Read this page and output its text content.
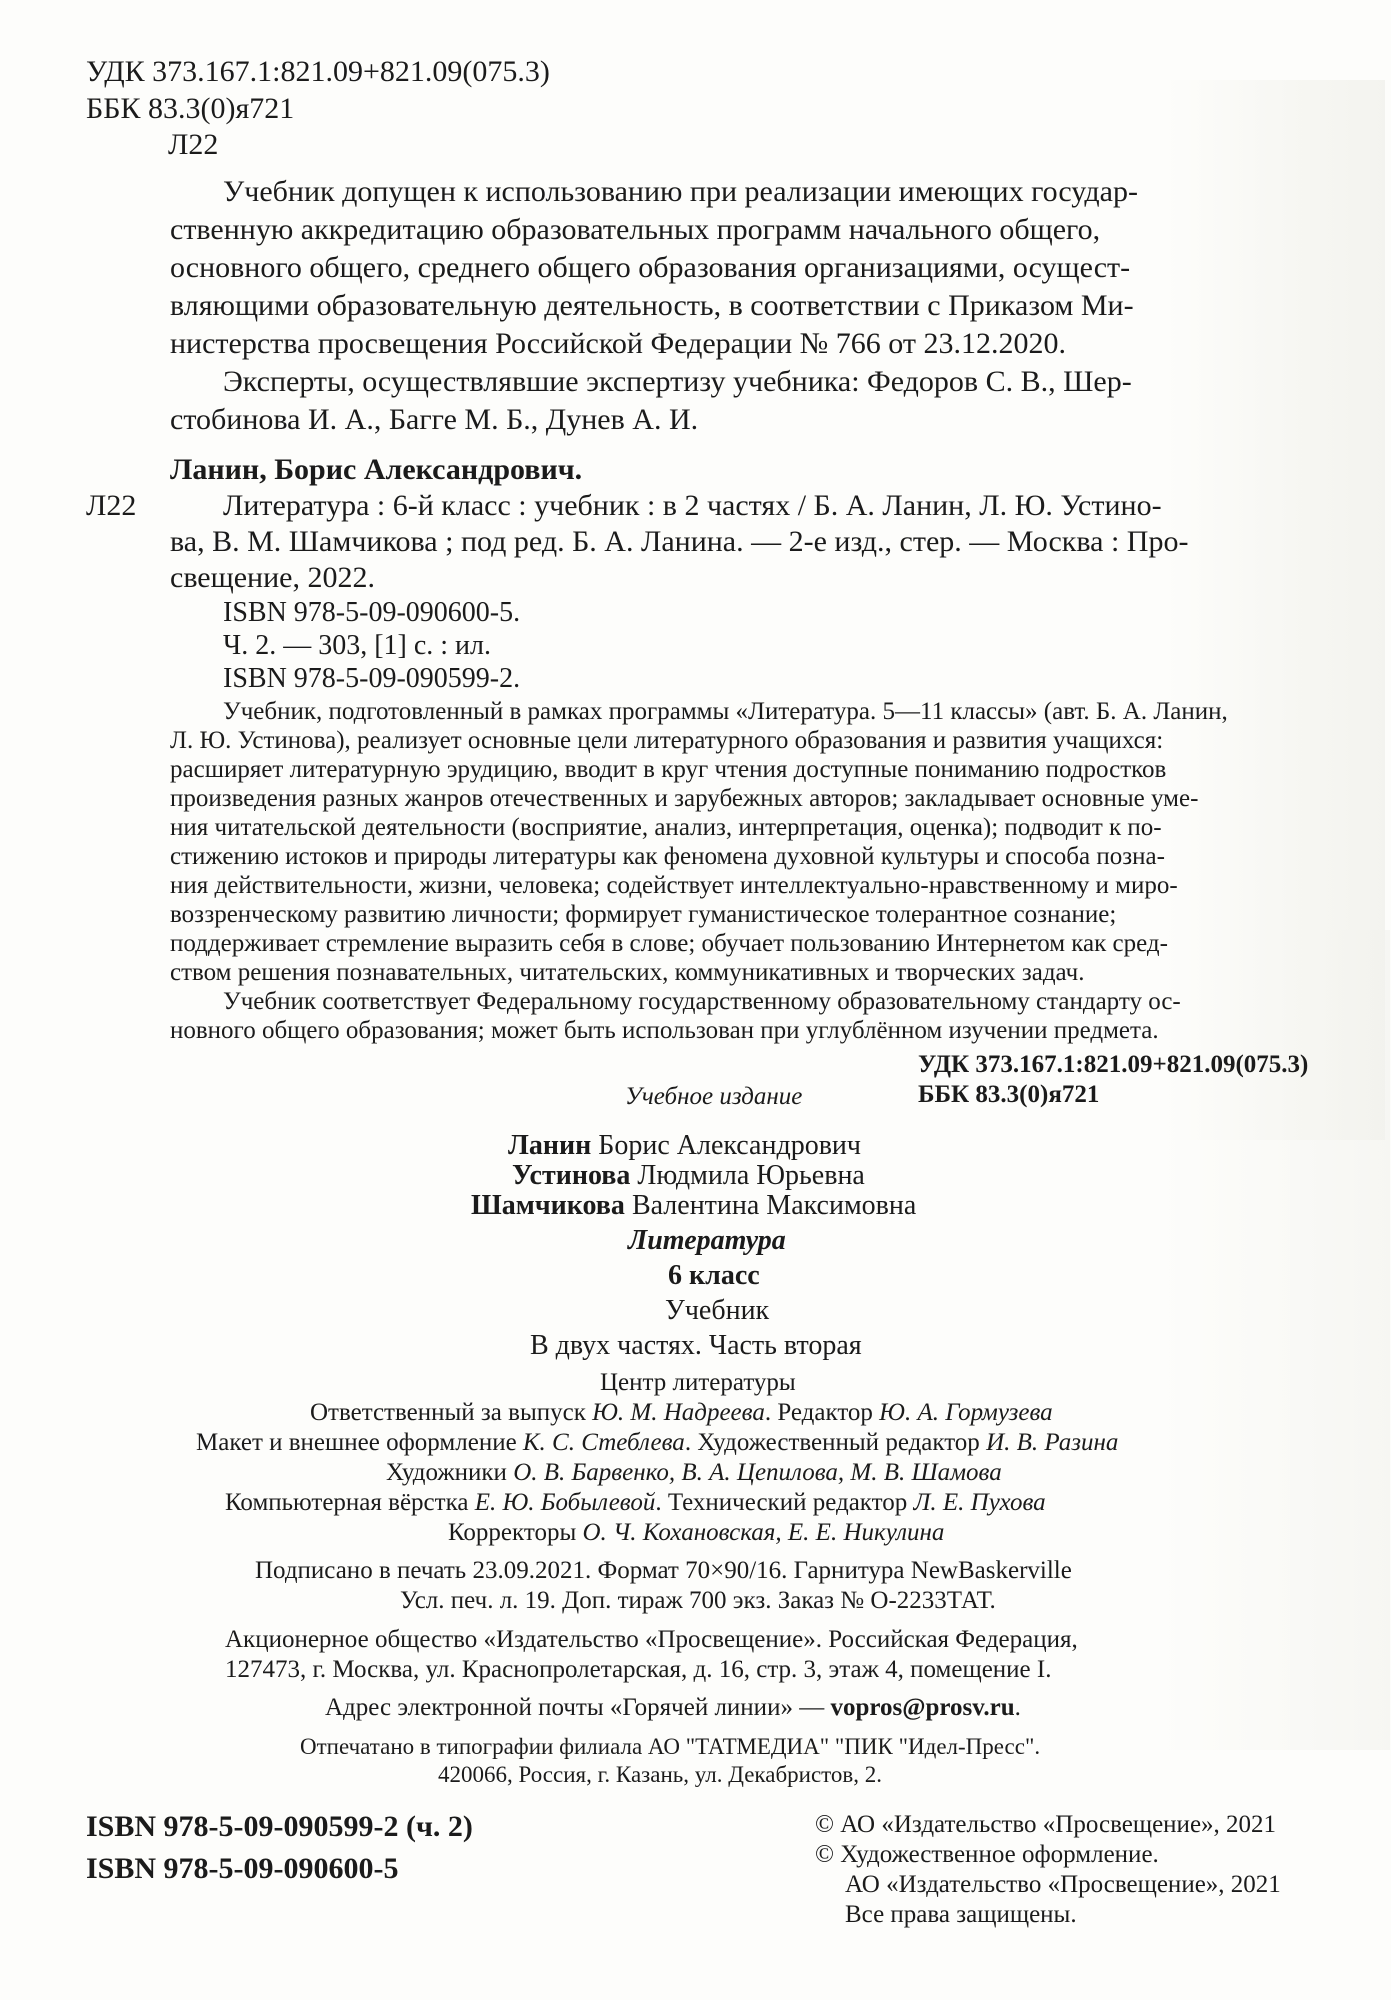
УДК 373.167.1:821.09+821.09(075.3)
ББК 83.3(0)я721
Л22
Учебник допущен к использованию при реализации имеющих государ-
ственную аккредитацию образовательных программ начального общего,
основного общего, среднего общего образования организациями, осущест-
вляющими образовательную деятельность, в соответствии с Приказом Ми-
нистерства просвещения Российской Федерации № 766 от 23.12.2020.
Эксперты, осуществлявшие экспертизу учебника: Федоров С. В., Шер-
стобинова И. А., Багге М. Б., Дунев А. И.
Ланин, Борис Александрович.
Л22	Литература : 6-й класс : учебник : в 2 частях / Б. А. Ланин, Л. Ю. Устино-
ва, В. М. Шамчикова ; под ред. Б. А. Ланина. — 2-е изд., стер. — Москва : Про-
свещение, 2022.
ISBN 978-5-09-090600-5.
Ч. 2. — 303, [1] с. : ил.
ISBN 978-5-09-090599-2.
Учебник, подготовленный в рамках программы «Литература. 5—11 классы» (авт. Б. А. Ланин,
Л. Ю. Устинова), реализует основные цели литературного образования и развития учащихся:
расширяет литературную эрудицию, вводит в круг чтения доступные пониманию подростков
произведения разных жанров отечественных и зарубежных авторов; закладывает основные уме-
ния читательской деятельности (восприятие, анализ, интерпретация, оценка); подводит к по-
стижению истоков и природы литературы как феномена духовной культуры и способа позна-
ния действительности, жизни, человека; содействует интеллектуально-нравственному и миро-
воззренческому развитию личности; формирует гуманистическое толерантное сознание;
поддерживает стремление выразить себя в слове; обучает пользованию Интернетом как сред-
ством решения познавательных, читательских, коммуникативных и творческих задач.
Учебник соответствует Федеральному государственному образовательному стандарту ос-
новного общего образования; может быть использован при углублённом изучении предмета.
УДК 373.167.1:821.09+821.09(075.3)
ББК 83.3(0)я721
Учебное издание
Ланин Борис Александрович
Устинова Людмила Юрьевна
Шамчикова Валентина Максимовна
Литература
6 класс
Учебник
В двух частях. Часть вторая
Центр литературы
Ответственный за выпуск Ю. М. Надреева. Редактор Ю. А. Гормузева
Макет и внешнее оформление К. С. Стеблева. Художественный редактор И. В. Разина
Художники О. В. Барвенко, В. А. Цепилова, М. В. Шамова
Компьютерная вёрстка Е. Ю. Бобылевой. Технический редактор Л. Е. Пухова
Корректоры О. Ч. Кохановская, Е. Е. Никулина
Подписано в печать 23.09.2021. Формат 70×90/16. Гарнитура NewBaskerville
Усл. печ. л. 19. Доп. тираж 700 экз. Заказ № О-2233ТАТ.
Акционерное общество «Издательство «Просвещение». Российская Федерация,
127473, г. Москва, ул. Краснопролетарская, д. 16, стр. 3, этаж 4, помещение I.
Адрес электронной почты «Горячей линии» — vopros@prosv.ru.
Отпечатано в типографии филиала АО "ТАТМЕДИА" "ПИК "Идел-Пресс".
420066, Россия, г. Казань, ул. Декабристов, 2.
ISBN 978-5-09-090599-2 (ч. 2)
ISBN 978-5-09-090600-5
© АО «Издательство «Просвещение», 2021
© Художественное оформление.
АО «Издательство «Просвещение», 2021
Все права защищены.
